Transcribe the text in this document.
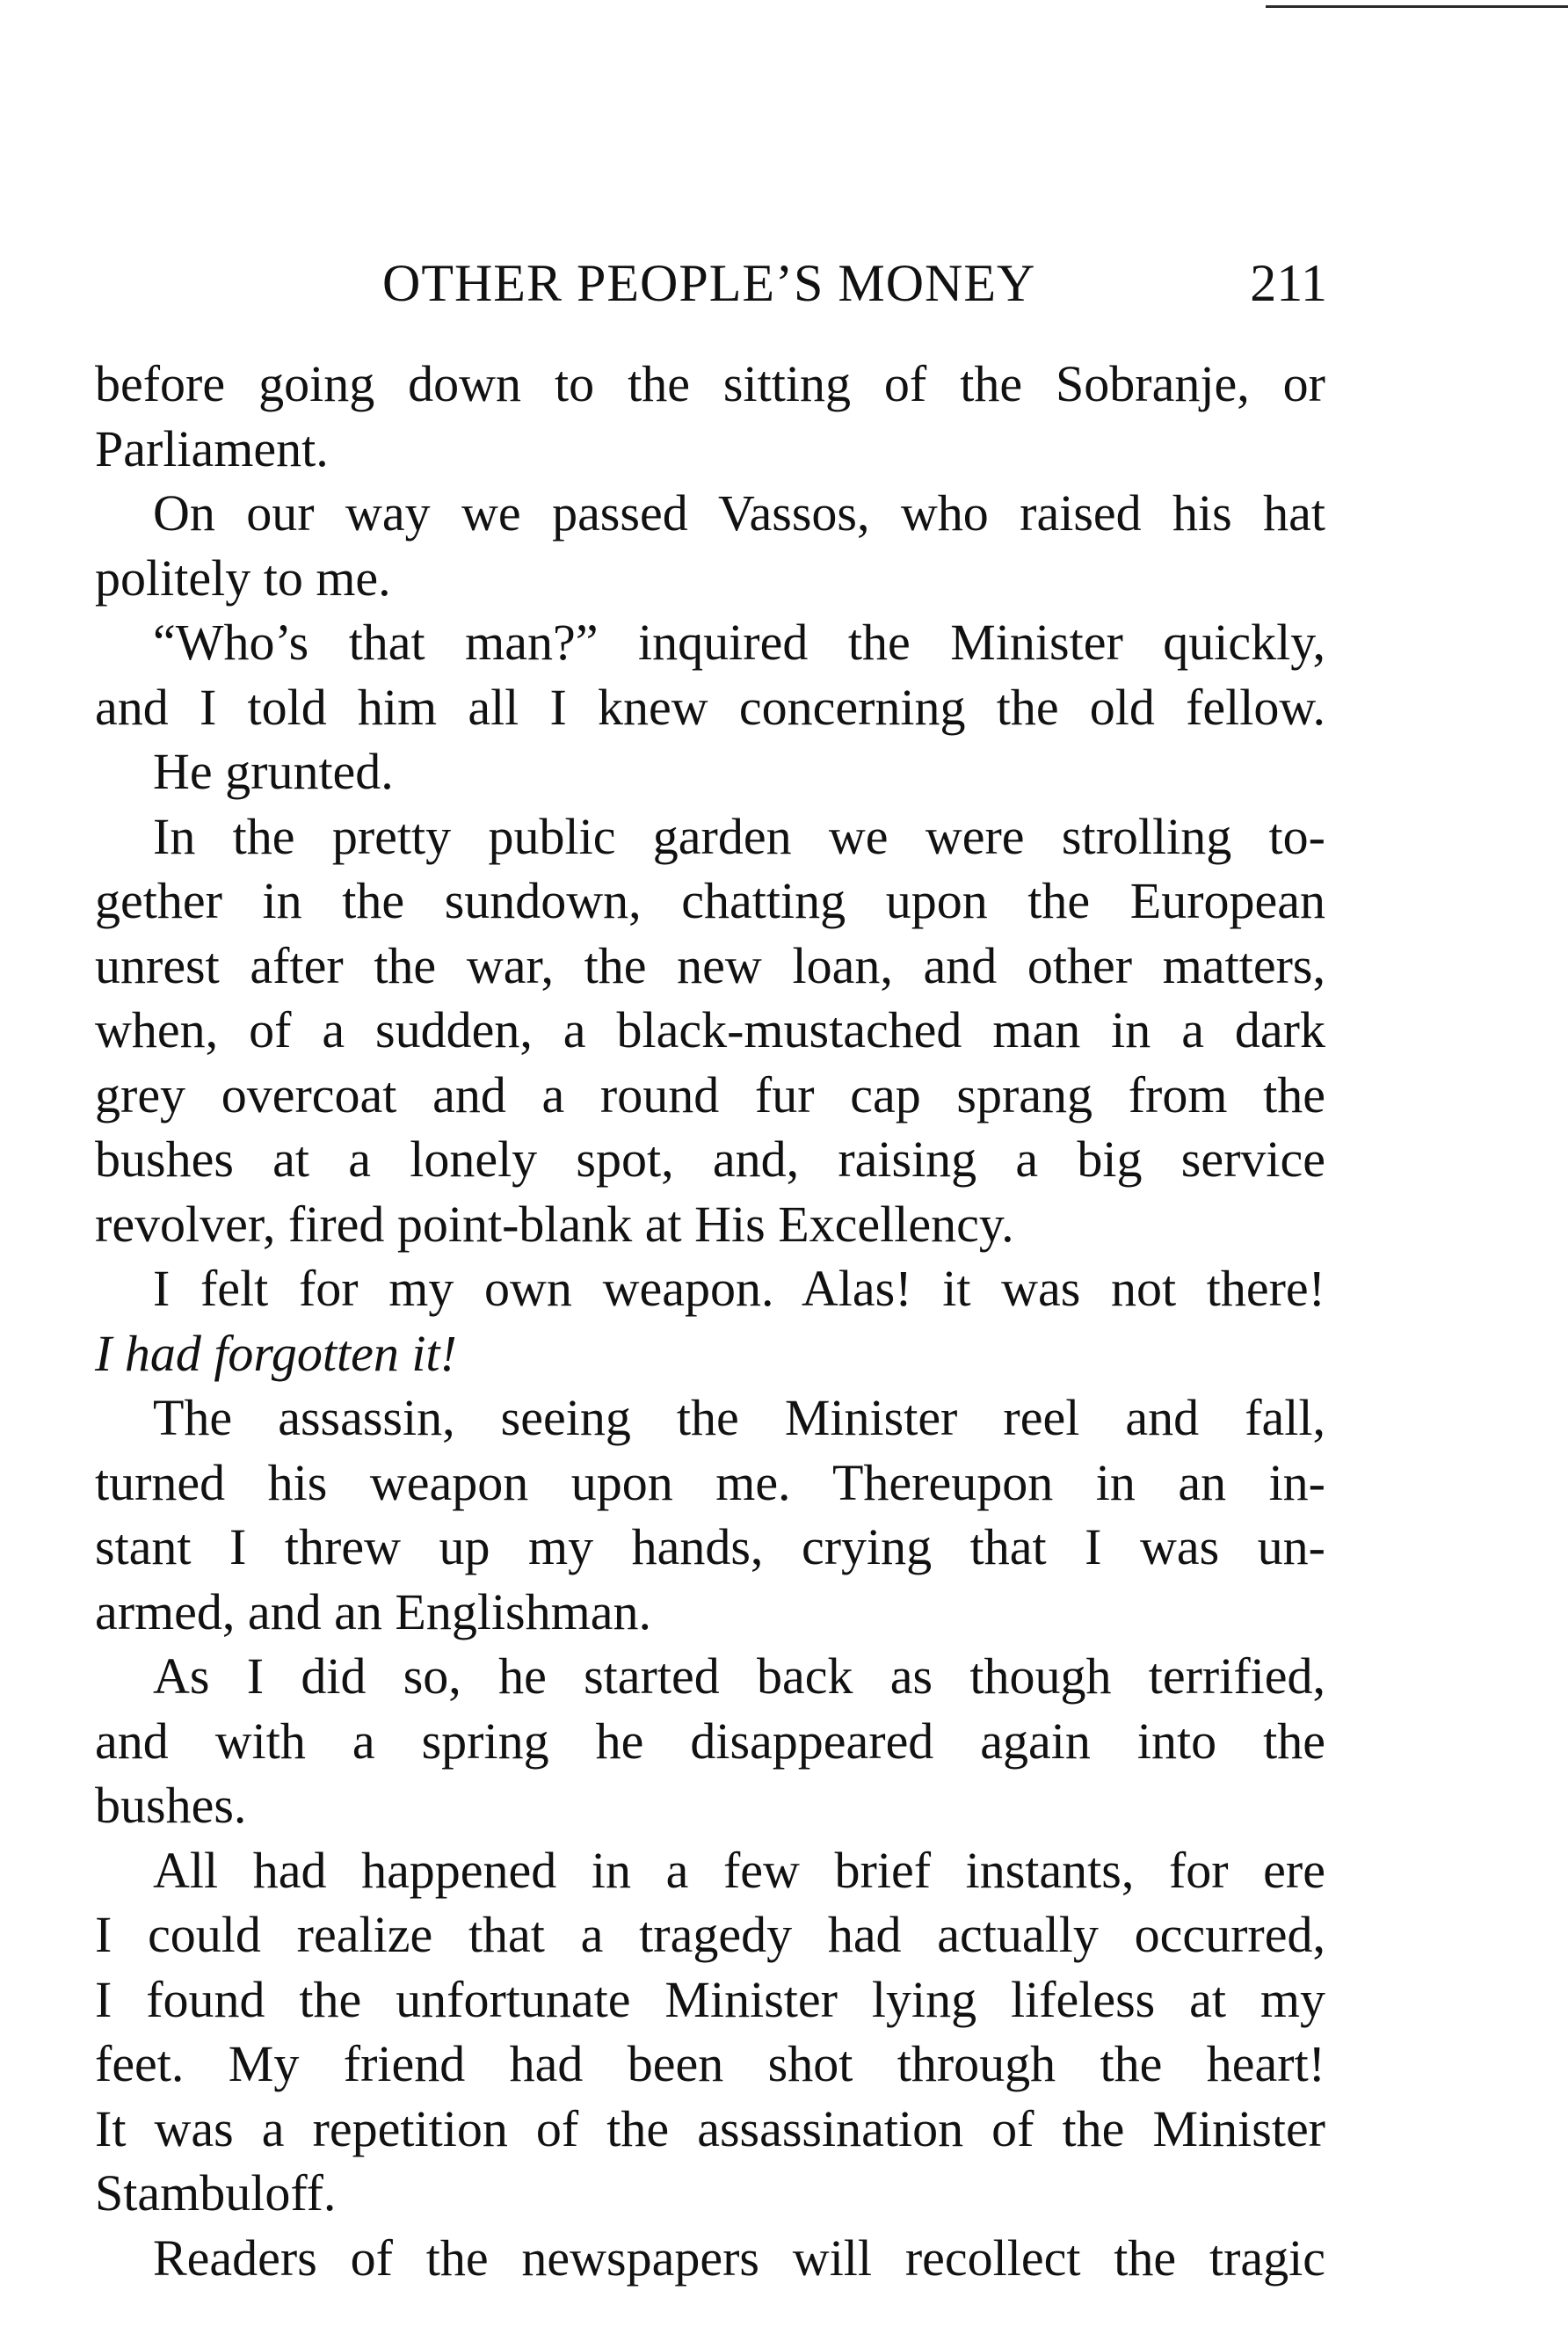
OTHER PEOPLE’S MONEY	211
before going down to the sitting of the Sobranje, or
Parliament.
On our way we passed Vassos, who raised his hat
politely to me.
“Who’s that man?” inquired the Minister quickly,
and I told him all I knew concerning the old fellow.
He grunted.
In the pretty public garden we were strolling to-
gether in the sundown, chatting upon the European
unrest after the war, the new loan, and other matters,
when, of a sudden, a black-mustached man in a dark
grey overcoat and a round fur cap sprang from the
bushes at a lonely spot, and, raising a big service
revolver, fired point-blank at His Excellency.
I felt for my own weapon. Alas! it was not there!
I had forgotten it!
The assassin, seeing the Minister reel and fall,
turned his weapon upon me. Thereupon in an in-
stant I threw up my hands, crying that I was un-
armed, and an Englishman.
As I did so, he started back as though terrified,
and with a spring he disappeared again into the
bushes.
All had happened in a few brief instants, for ere
I could realize that a tragedy had actually occurred,
I found the unfortunate Minister lying lifeless at my
feet. My friend had been shot through the heart!
It was a repetition of the assassination of the Minister
Stambuloff.
Readers of the newspapers will recollect the tragic
